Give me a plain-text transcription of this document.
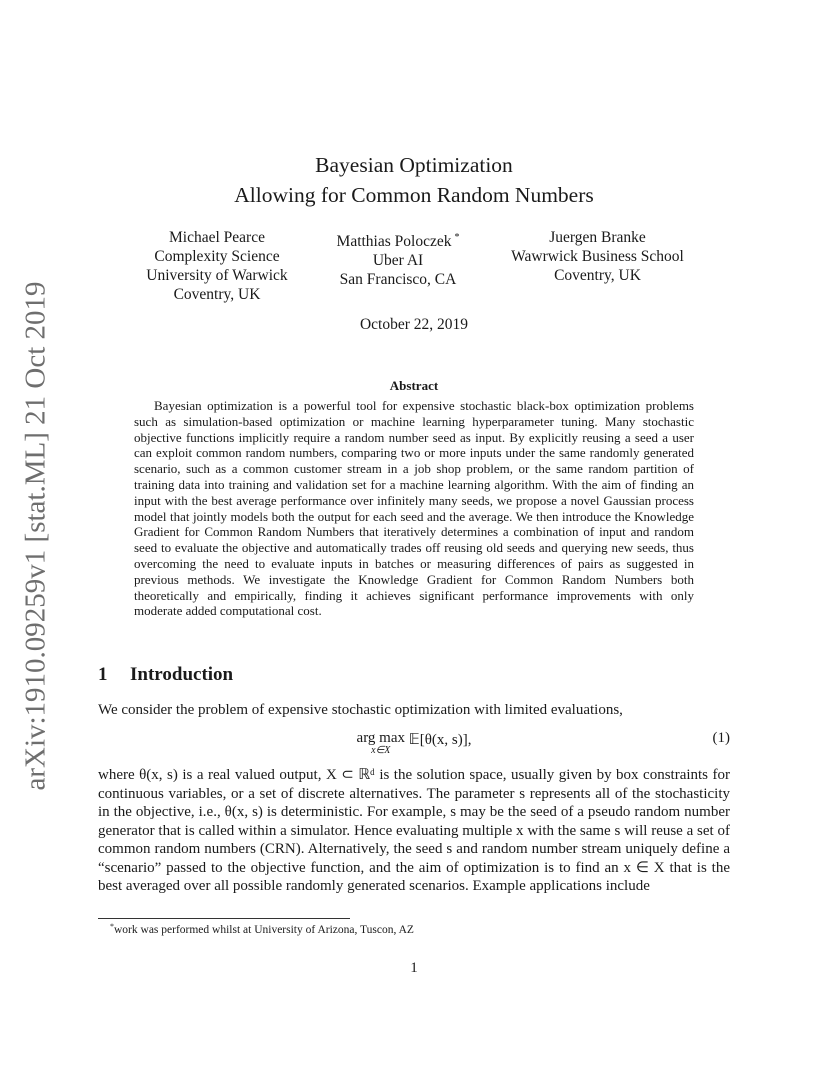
arXiv:1910.09259v1 [stat.ML] 21 Oct 2019
Bayesian Optimization
Allowing for Common Random Numbers
Michael Pearce
Complexity Science
University of Warwick
Coventry, UK
Matthias Poloczek *
Uber AI
San Francisco, CA
Juergen Branke
Wawrwick Business School
Coventry, UK
October 22, 2019
Abstract

Bayesian optimization is a powerful tool for expensive stochastic black-box optimization problems such as simulation-based optimization or machine learning hyperparameter tuning. Many stochastic objective functions implicitly require a random number seed as input. By explicitly reusing a seed a user can exploit common random numbers, comparing two or more inputs under the same randomly generated scenario, such as a common customer stream in a job shop problem, or the same random partition of training data into training and validation set for a machine learning algorithm. With the aim of finding an input with the best average performance over infinitely many seeds, we propose a novel Gaussian process model that jointly models both the output for each seed and the average. We then introduce the Knowledge Gradient for Common Random Numbers that iteratively determines a combination of input and random seed to evaluate the objective and automatically trades off reusing old seeds and querying new seeds, thus overcoming the need to evaluate inputs in batches or measuring differences of pairs as suggested in previous methods. We investigate the Knowledge Gradient for Common Random Numbers both theoretically and empirically, finding it achieves significant performance improvements with only moderate added computational cost.

1 Introduction

We consider the problem of expensive stochastic optimization with limited evaluations,

arg max
x∈X
𝔼[θ(x, s)],	(1)

where θ(x, s) is a real valued output, X ⊂ ℝᵈ is the solution space, usually given by box constraints for continuous variables, or a set of discrete alternatives. The parameter s represents all of the stochasticity in the objective, i.e., θ(x, s) is deterministic. For example, s may be the seed of a pseudo random number generator that is called within a simulator. Hence evaluating multiple x with the same s will reuse a set of common random numbers (CRN). Alternatively, the seed s and random number stream uniquely define a “scenario” passed to the objective function, and the aim of optimization is to find an x ∈ X that is the best averaged over all possible randomly generated scenarios. Example applications include

*work was performed whilst at University of Arizona, Tuscon, AZ
1
